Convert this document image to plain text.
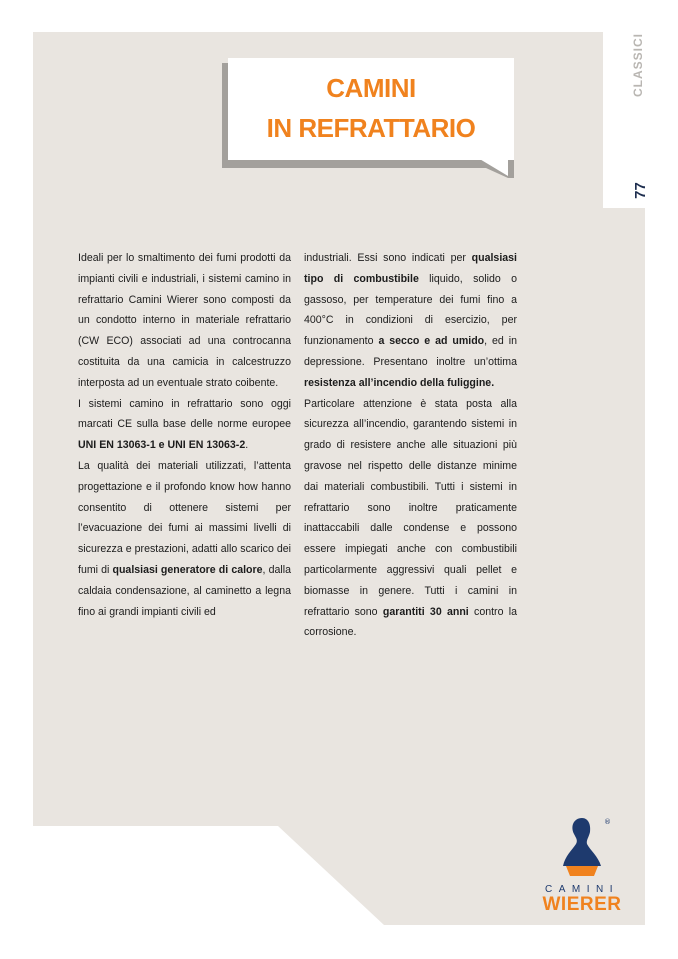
CLASSICI
77
CAMINI
IN REFRATTARIO

Ideali per lo smaltimento dei fumi prodotti da impianti civili e industriali, i sistemi camino in refrattario Camini Wierer sono composti da un condotto interno in materiale refrattario (CW ECO) associati ad una controcanna costituita da una camicia in calcestruzzo interposta ad un eventuale strato coibente.

I sistemi camino in refrattario sono oggi marcati CE sulla base delle norme europee UNI EN 13063-1 e UNI EN 13063-2.

La qualità dei materiali utilizzati, l’attenta progettazione e il profondo know how hanno consentito di ottenere sistemi per l’evacuazione dei fumi ai massimi livelli di sicurezza e prestazioni, adatti allo scarico dei fumi di qualsiasi generatore di calore, dalla caldaia condensazione, al caminetto a legna fino ai grandi impianti civili ed

industriali. Essi sono indicati per qualsiasi tipo di combustibile liquido, solido o gassoso, per temperature dei fumi fino a 400°C in condizioni di esercizio, per funzionamento a secco e ad umido, ed in depressione. Presentano inoltre un’ottima resistenza all’incendio della fuliggine.

Particolare attenzione è stata posta alla sicurezza all’incendio, garantendo sistemi in grado di resistere anche alle situazioni più gravose nel rispetto delle distanze minime dai materiali combustibili. Tutti i sistemi in refrattario sono inoltre praticamente inattaccabili dalle condense e possono essere impiegati anche con combustibili particolarmente aggressivi quali pellet e biomasse in genere. Tutti i camini in refrattario sono garantiti 30 anni contro la corrosione.

®
CAMINI
WIERER
